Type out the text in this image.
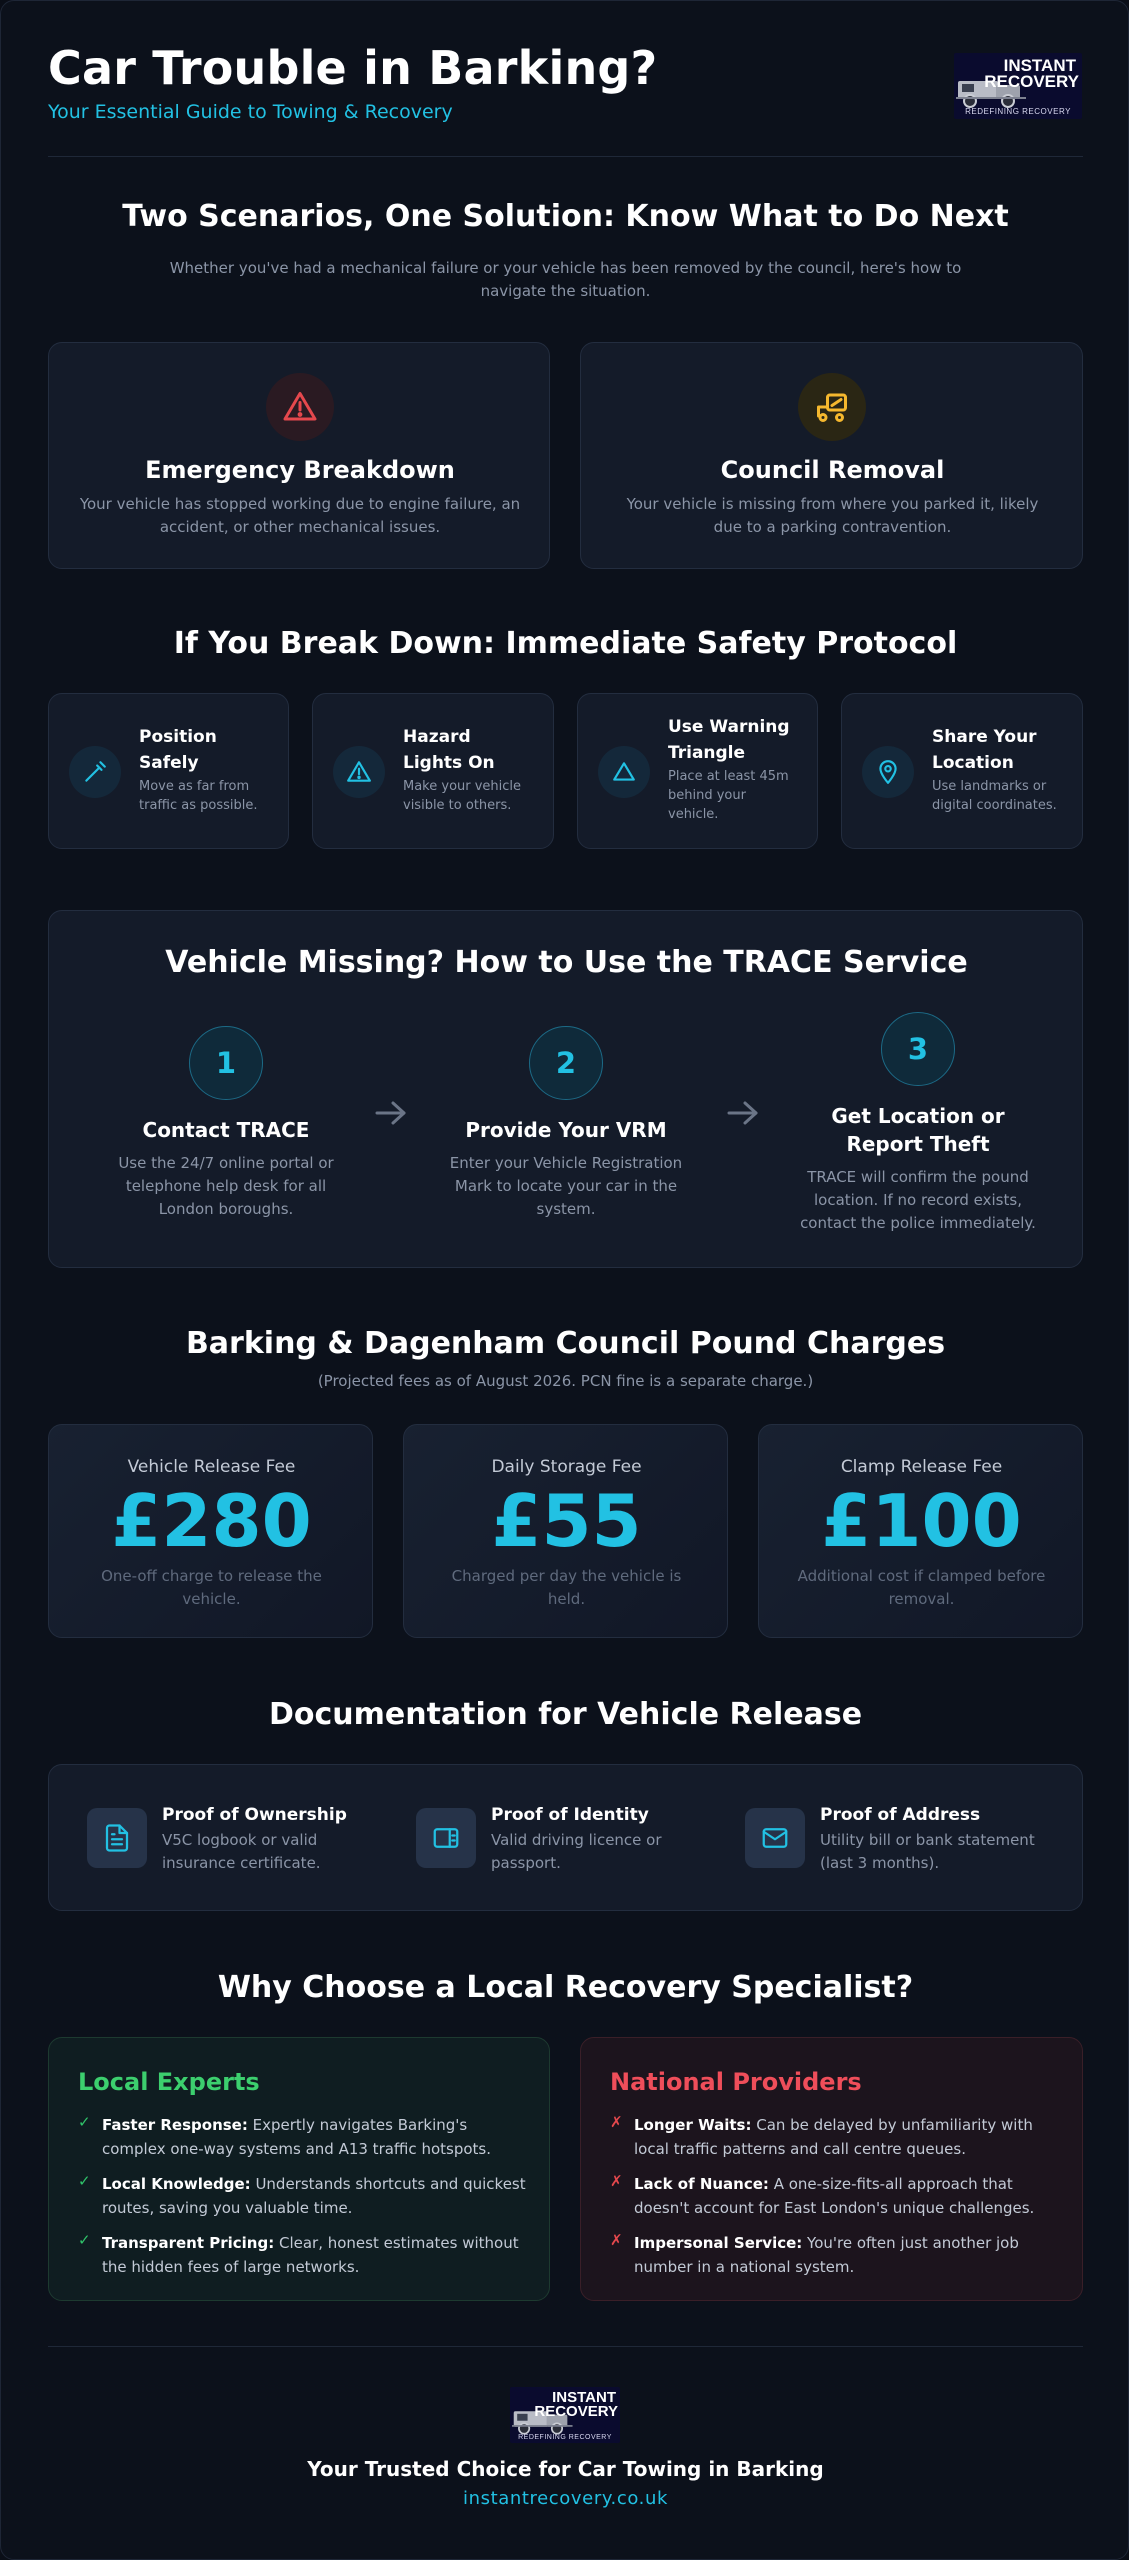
Car Trouble in Barking?
Your Essential Guide to Towing & Recovery
INSTANT
RECOVERY
REDEFINING RECOVERY
Two Scenarios, One Solution: Know What to Do Next
Whether you've had a mechanical failure or your vehicle has been removed by the council, here's how to navigate the situation.
Emergency Breakdown
Your vehicle has stopped working due to engine failure, an accident, or other mechanical issues.
Council Removal
Your vehicle is missing from where you parked it, likely due to a parking contravention.
If You Break Down: Immediate Safety Protocol
Position Safely
Move as far from traffic as possible.
Hazard Lights On
Make your vehicle visible to others.
Use Warning Triangle
Place at least 45m behind your vehicle.
Share Your Location
Use landmarks or digital coordinates.
Vehicle Missing? How to Use the TRACE Service
1
Contact TRACE
Use the 24/7 online portal or telephone help desk for all London boroughs.
2
Provide Your VRM
Enter your Vehicle Registration Mark to locate your car in the system.
3
Get Location or Report Theft
TRACE will confirm the pound location. If no record exists, contact the police immediately.
Barking & Dagenham Council Pound Charges
(Projected fees as of August 2026. PCN fine is a separate charge.)
Vehicle Release Fee
£280
One-off charge to release the vehicle.
Daily Storage Fee
£55
Charged per day the vehicle is held.
Clamp Release Fee
£100
Additional cost if clamped before removal.
Documentation for Vehicle Release
Proof of Ownership
V5C logbook or valid insurance certificate.
Proof of Identity
Valid driving licence or passport.
Proof of Address
Utility bill or bank statement (last 3 months).
Why Choose a Local Recovery Specialist?
Local Experts
✓ Faster Response: Expertly navigates Barking's complex one-way systems and A13 traffic hotspots.
✓ Local Knowledge: Understands shortcuts and quickest routes, saving you valuable time.
✓ Transparent Pricing: Clear, honest estimates without the hidden fees of large networks.
National Providers
✗ Longer Waits: Can be delayed by unfamiliarity with local traffic patterns and call centre queues.
✗ Lack of Nuance: A one-size-fits-all approach that doesn't account for East London's unique challenges.
✗ Impersonal Service: You're often just another job number in a national system.
INSTANT
RECOVERY
REDEFINING RECOVERY
Your Trusted Choice for Car Towing in Barking
instantrecovery.co.uk
